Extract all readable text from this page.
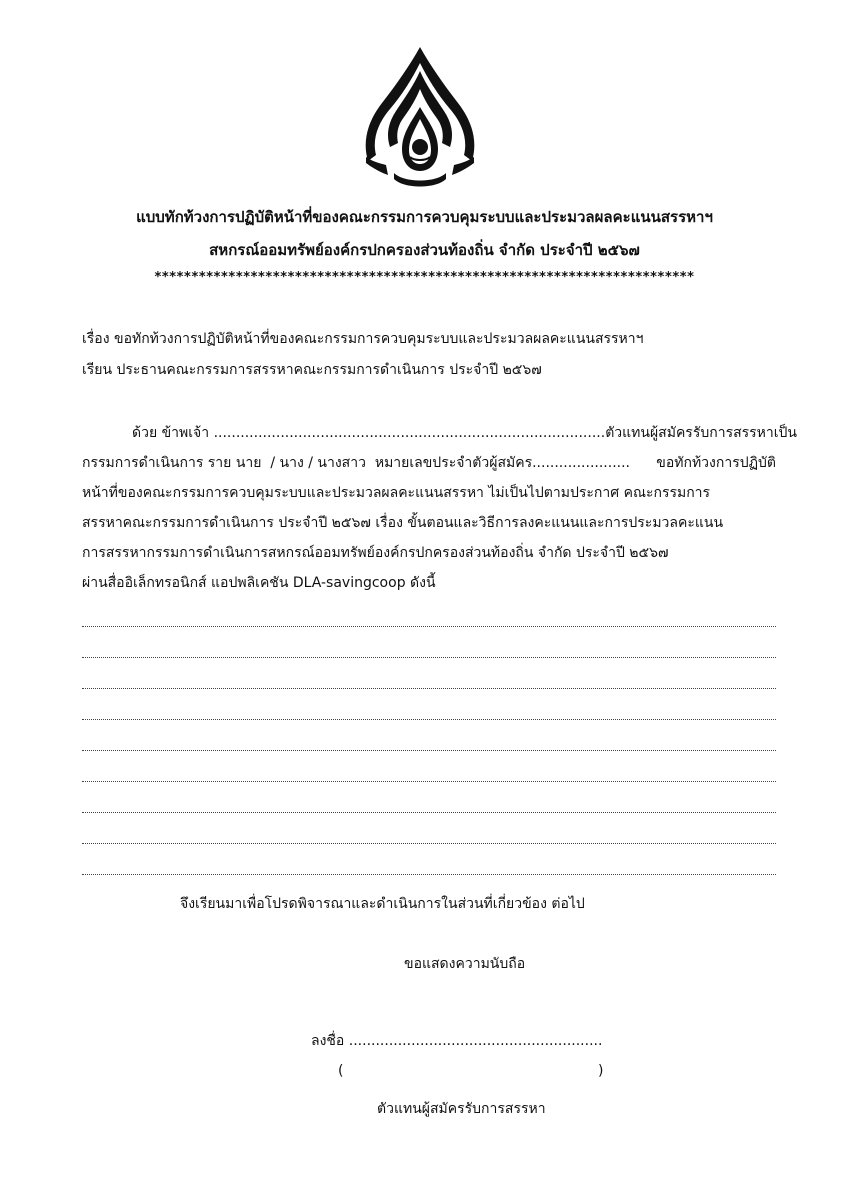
แบบทักท้วงการปฏิบัติหน้าที่ของคณะกรรมการควบคุมระบบและประมวลผลคะแนนสรรหาฯ
สหกรณ์ออมทรัพย์องค์กรปกครองส่วนท้องถิ่น จำกัด ประจำปี ๒๕๖๗
*************************************************************************
เรื่อง ขอทักท้วงการปฏิบัติหน้าที่ของคณะกรรมการควบคุมระบบและประมวลผลคะแนนสรรหาฯ
เรียน ประธานคณะกรรมการสรรหาคณะกรรมการดำเนินการ ประจำปี ๒๕๖๗
ด้วย ข้าพเจ้า ........................................................................................ ตัวแทนผู้สมัครรับการสรรหาเป็น
กรรมการดำเนินการ ราย นาย  / นาง / นางสาว  หมายเลขประจำตัวผู้สมัคร...................... ขอทักท้วงการปฏิบัติ
หน้าที่ของคณะกรรมการควบคุมระบบและประมวลผลคะแนนสรรหา ไม่เป็นไปตามประกาศ คณะกรรมการ
สรรหาคณะกรรมการดำเนินการ ประจำปี ๒๕๖๗ เรื่อง ขั้นตอนและวิธีการลงคะแนนและการประมวลคะแนน
การสรรหากรรมการดำเนินการสหกรณ์ออมทรัพย์องค์กรปกครองส่วนท้องถิ่น จำกัด ประจำปี ๒๕๖๗
ผ่านสื่ออิเล็กทรอนิกส์ แอปพลิเคชัน DLA-savingcoop ดังนี้
จึงเรียนมาเพื่อโปรดพิจารณาและดำเนินการในส่วนที่เกี่ยวข้อง ต่อไป
ขอแสดงความนับถือ
ลงชื่อ .........................................................
(	)
ตัวแทนผู้สมัครรับการสรรหา
